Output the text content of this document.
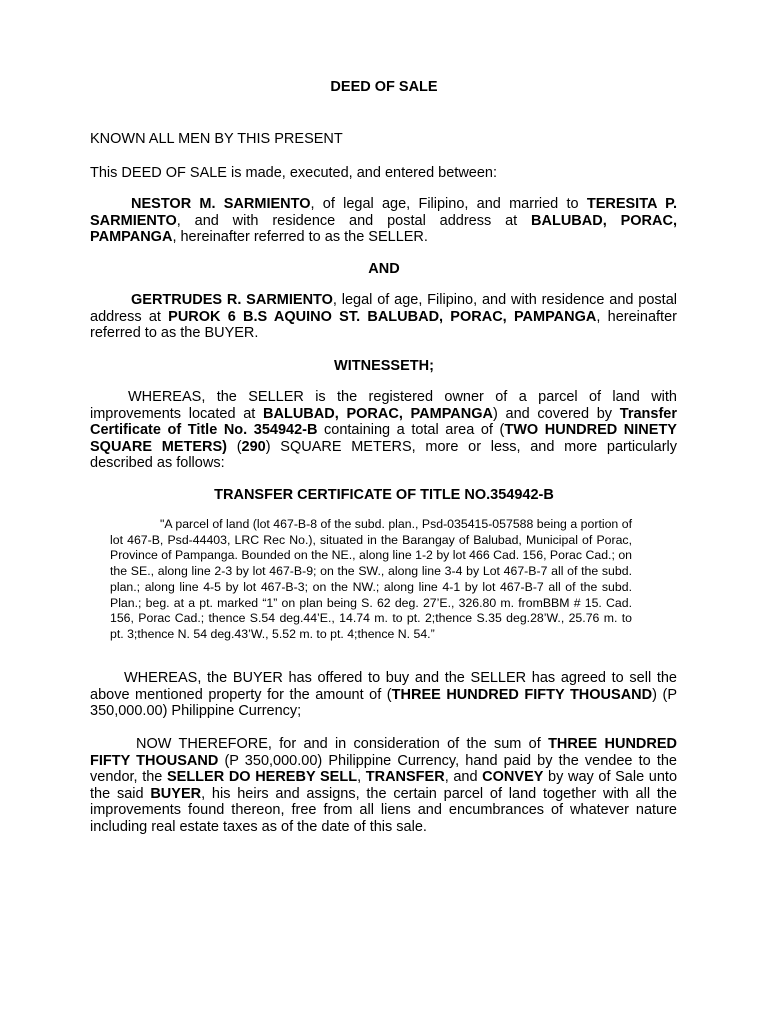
DEED OF SALE
KNOWN ALL MEN BY THIS PRESENT
This DEED OF SALE is made, executed, and entered between:
NESTOR M. SARMIENTO, of legal age, Filipino, and married to TERESITA P. SARMIENTO, and with residence and postal address at BALUBAD, PORAC, PAMPANGA, hereinafter referred to as the SELLER.
AND
GERTRUDES R. SARMIENTO, legal of age, Filipino, and with residence and postal address at PUROK 6 B.S AQUINO ST. BALUBAD, PORAC, PAMPANGA, hereinafter referred to as the BUYER.
WITNESSETH;
WHEREAS, the SELLER is the registered owner of a parcel of land with improvements located at BALUBAD, PORAC, PAMPANGA) and covered by Transfer Certificate of Title No. 354942-B containing a total area of (TWO HUNDRED NINETY SQUARE METERS) (290) SQUARE METERS, more or less, and more particularly described as follows:
TRANSFER CERTIFICATE OF TITLE NO.354942-B
"A parcel of land (lot 467-B-8 of the subd. plan., Psd-035415-057588 being a portion of lot 467-B, Psd-44403, LRC Rec No.), situated in the Barangay of Balubad, Municipal of Porac, Province of Pampanga. Bounded on the NE., along line 1-2 by lot 466 Cad. 156, Porac Cad.; on the SE., along line 2-3 by lot 467-B-9; on the SW., along line 3-4 by Lot 467-B-7 all of the subd. plan.; along line 4-5 by lot 467-B-3; on the NW.; along line 4-1 by lot 467-B-7 all of the subd. Plan.; beg. at a pt. marked “1” on plan being S. 62 deg. 27’E., 326.80 m. fromBBM # 15. Cad. 156, Porac Cad.; thence S.54 deg.44’E., 14.74 m. to pt. 2;thence S.35 deg.28’W., 25.76 m. to pt. 3;thence N. 54 deg.43’W., 5.52 m. to pt. 4;thence N. 54.”
WHEREAS, the BUYER has offered to buy and the SELLER has agreed to sell the above mentioned property for the amount of (THREE HUNDRED FIFTY THOUSAND) (P 350,000.00) Philippine Currency;
NOW THEREFORE, for and in consideration of the sum of THREE HUNDRED FIFTY THOUSAND (P 350,000.00) Philippine Currency, hand paid by the vendee to the vendor, the SELLER DO HEREBY SELL, TRANSFER, and CONVEY by way of Sale unto the said BUYER, his heirs and assigns, the certain parcel of land together with all the improvements found thereon, free from all liens and encumbrances of whatever nature including real estate taxes as of the date of this sale.
